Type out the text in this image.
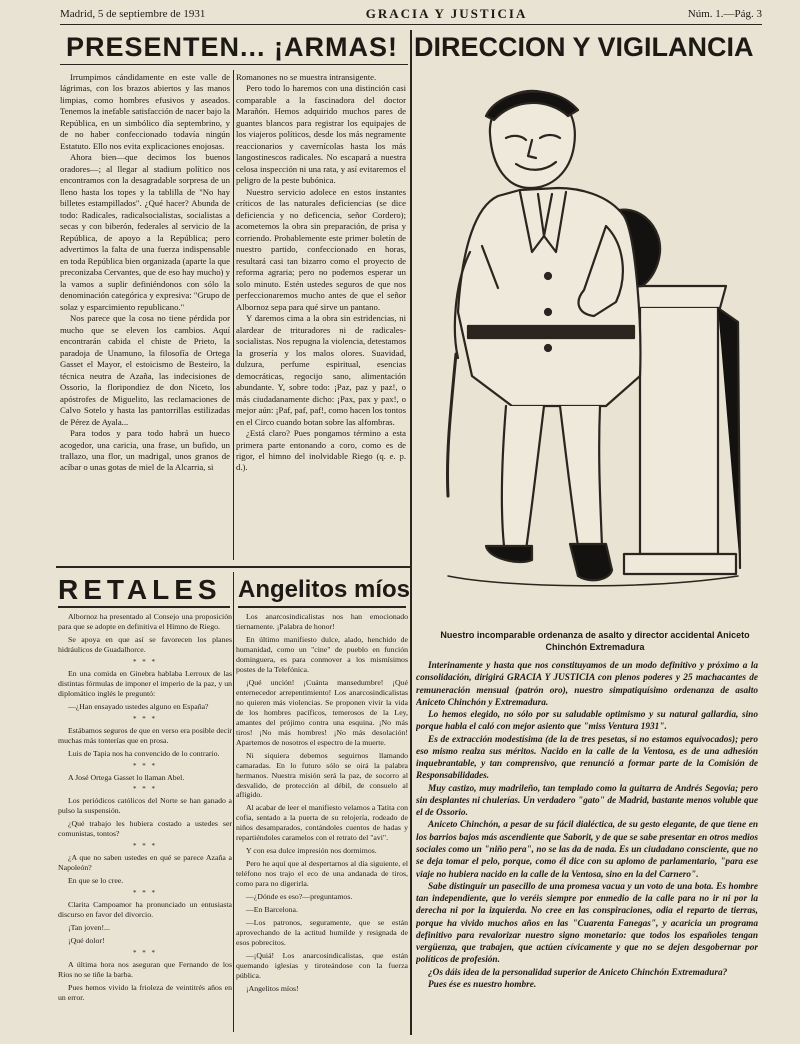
Madrid, 5 de septiembre de 1931	GRACIA Y JUSTICIA	Núm. 1.—Pág. 3
PRESENTEN... ¡ARMAS! DIRECCION Y VIGILANCIA

Irrumpimos cándidamente en este valle de lágrimas, con los brazos abiertos y las manos limpias, como hombres efusivos y aseados. Tenemos la inefable satisfacción de nacer bajo la República, en un simbólico día septembrino, y de no haber confeccionado todavía ningún Estatuto. Ello nos evita explicaciones enojosas.

Ahora bien—que decimos los buenos oradores—; al llegar al stadium político nos encontramos con la desagradable sorpresa de un lleno hasta los topes y la tablilla de "No hay billetes estampillados". ¿Qué hacer? Abunda de todo: Radicales, radicalsocialistas, socialistas a secas y con biberón, federales al servicio de la República, de apoyo a la República; pero advertimos la falta de una fuerza indispensable en toda República bien organizada (aparte la que preconizaba Cervantes, que de eso hay mucho) y la vamos a suplir definiéndonos con sólo la denominación categórica y expresiva: "Grupo de solaz y esparcimiento republicano."

Nos parece que la cosa no tiene pérdida por mucho que se eleven los cambios. Aquí encontrarán cabida el chiste de Prieto, la paradoja de Unamuno, la filosofía de Ortega Gasset el Mayor, el estoicismo de Besteiro, la técnica neutra de Azaña, las indecisiones de Ossorio, la floripondiez de don Niceto, los apóstrofes de Miguelito, las reclamaciones de Calvo Sotelo y hasta las pantorrillas estilizadas de Pérez de Ayala...

Para todos y para todo habrá un hueco acogedor, una caricia, una frase, un bufido, un trallazo, una flor, un madrigal, unos granos de acíbar o unas gotas de miel de la Alcarria, si

Romanones no se muestra intransigente.

Pero todo lo haremos con una distinción casi comparable a la fascinadora del doctor Marañón. Hemos adquirido muchos pares de guantes blancos para registrar los equipajes de los viajeros políticos, desde los más negramente reaccionarios y cavernícolas hasta los más langostinescos radicales. No escapará a nuestra celosa inspección ni una rata, y así evitaremos el peligro de la peste bubónica.

Nuestro servicio adolece en estos instantes críticos de las naturales deficiencias (se dice deficiencia y no deficencia, señor Cordero); acometemos la obra sin preparación, de prisa y corriendo. Probablemente este primer boletín de nuestro partido, confeccionado en horas, resultará casi tan bizarro como el proyecto de reforma agraria; pero no podemos esperar un solo minuto. Estén ustedes seguros de que nos perfeccionaremos mucho antes de que el señor Albornoz sepa para qué sirve un pantano.

Y daremos cima a la obra sin estridencias, ni alardear de trituradores ni de radicales-socialistas. Nos repugna la violencia, detestamos la grosería y los malos olores. Suavidad, dulzura, perfume espiritual, esencias democráticas, regocijo sano, alimentación abundante. Y, sobre todo: ¡Paz, paz y paz!, o más ciudadanamente dicho: ¡Pax, pax y pax!, o mejor aún: ¡Paf, paf, paf!, como hacen los tontos en el Circo cuando botan sobre las alfombras.

¿Está claro? Pues pongamos término a esta primera parte entonando a coro, como es de rigor, el himno del inolvidable Riego (q. e. p. d.).

RETALES Angelitos míos

Albornoz ha presentado al Consejo una proposición para que se adopte en definitiva el Himno de Riego.

Se apoya en que así se favorecen los planes hidráulicos de Guadalhorce.

* * *

En una comida en Ginebra hablaba Lerroux de las distintas fórmulas de imponer el imperio de la paz, y un diplomático inglés le preguntó:

—¿Han ensayado ustedes alguno en España?

* * *

Estábamos seguros de que en verso era posible decir muchas más tonterías que en prosa.

Luis de Tapia nos ha convencido de lo contrario.

* * *

A José Ortega Gasset lo llaman Abel.

* * *

Los periódicos católicos del Norte se han ganado a pulso la suspensión.

¿Qué trabajo les hubiera costado a ustedes ser comunistas, tontos?

* * *

¿A que no saben ustedes en qué se parece Azaña a Napoleón?

En que se lo cree.

* * *

Clarita Campoamor ha pronunciado un entusiasta discurso en favor del divorcio.

¡Tan joven!...

¡Qué dolor!

* * *

A última hora nos aseguran que Fernando de los Ríos no se tiñe la barba.

Pues hemos vivido la frioleza de veintitrés años en un error.

Los anarcosindicalistas nos han emocionado tiernamente. ¡Palabra de honor!

En último manifiesto dulce, alado, henchido de humanidad, como un "cine" de pueblo en función dominguera, es para conmover a los mismísimos postes de la Telefónica.

¡Qué unción! ¡Cuánta mansedumbre! ¡Qué enternecedor arrepentimiento! Los anarcosindicalistas no quieren más violencias. Se proponen vivir la vida de los hombres pacíficos, temerosos de la Ley, amantes del prójimo contra una esquina. ¡No más tiros! ¡No más hombres! ¡No más desolación! Apartemos de nosotros el espectro de la muerte.

Ni siquiera debemos seguirnos llamando camaradas. En lo futuro sólo se oirá la palabra hermanos. Nuestra misión será la paz, de socorro al desvalido, de protección al débil, de consuelo al afligido.

Al acabar de leer el manifiesto velamos a Tatita con cofia, sentado a la puerta de su relojería, rodeado de niños desamparados, contándoles cuentos de hadas y repartiéndoles caramelos con el retrato del "avi".

Y con esa dulce impresión nos dormimos.

Pero he aquí que al despertarnos al día siguiente, el teléfono nos trajo el eco de una andanada de tiros, como para no digerirla.

—¿Dónde es eso?—preguntamos.

—En Barcelona.

—Los patronos, seguramente, que se están aprovechando de la actitud humilde y resignada de esos pobrecitos.

—¡Quiá! Los anarcosindicalistas, que están quemando iglesias y tiroteándose con la fuerza pública.

¡Angelitos míos!

Nuestro incomparable ordenanza de asalto y director accidental Aniceto Chinchón Extremadura

Interinamente y hasta que nos constituyamos de un modo definitivo y próximo a la consolidación, dirigirá GRACIA Y JUSTICIA con plenos poderes y 25 machacantes de remuneración mensual (patrón oro), nuestro simpatiquísimo ordenanza de asalto Aniceto Chinchón y Extremadura.

Lo hemos elegido, no sólo por su saludable optimismo y su natural gallardía, sino porque habla el caló con mejor asiento que "miss Ventura 1931".

Es de extracción modestísima (de la de tres pesetas, si no estamos equivocados); pero eso mismo realza sus méritos. Nacido en la calle de la Ventosa, es de una adhesión inquebrantable, y tan comprensivo, que renunció a formar parte de la Comisión de Responsabilidades.

Muy castizo, muy madrileño, tan templado como la guitarra de Andrés Segovia; pero sin desplantes ni chulerías. Un verdadero "gato" de Madrid, bastante menos voluble que el de Ossorio.

Aniceto Chinchón, a pesar de su fácil dialéctica, de su gesto elegante, de que tiene en los barrios bajos más ascendiente que Saborit, y de que se sabe presentar en otros medios sociales como un "niño pera", no se las da de nada. Es un ciudadano consciente, que no se deja tomar el pelo, porque, como él dice con su aplomo de parlamentario, "para ese viaje no hubiera nacido en la calle de la Ventosa, sino en la del Carnero".

Sabe distinguir un pasecillo de una promesa vacua y un voto de una bota. Es hombre tan independiente, que lo veréis siempre por enmedio de la calle para no ir ni por la derecha ni por la izquierda. No cree en las conspiraciones, odia el reparto de tierras, porque ha vivido muchos años en las "Cuarenta Fanegas", y acaricia un programa definitivo para revalorizar nuestro signo monetario: que todos los españoles tengan vergüenza, que trabajen, que actúen cívicamente y que no se dejen desgobernar por políticos de profesión.

¿Os dáis idea de la personalidad superior de Aniceto Chinchón Extremadura?

Pues ése es nuestro hombre.
